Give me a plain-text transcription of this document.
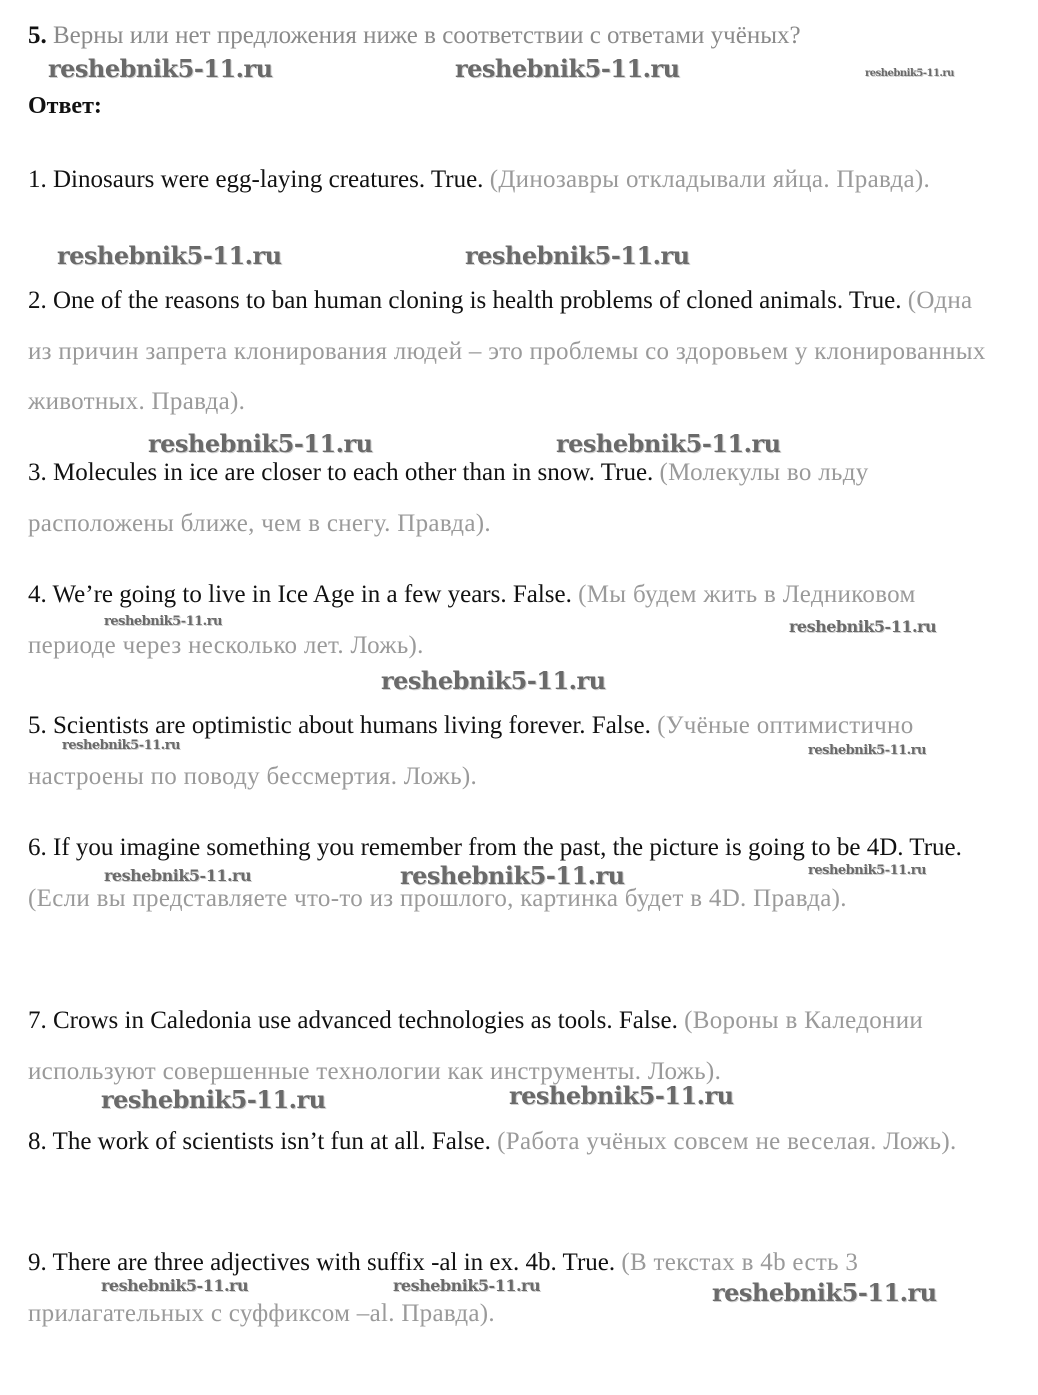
5. Верны или нет предложения ниже в соответствии с ответами учёных?
Ответ:

1. Dinosaurs were egg-laying creatures. True. (Динозавры откладывали яйца. Правда).

2. One of the reasons to ban human cloning is health problems of cloned animals. True. (Одна из причин запрета клонирования людей – это проблемы со здоровьем у клонированных животных. Правда).

3. Molecules in ice are closer to each other than in snow. True. (Молекулы во льду расположены ближе, чем в снегу. Правда).

4. We’re going to live in Ice Age in a few years. False. (Мы будем жить в Ледниковом периоде через несколько лет. Ложь).

5. Scientists are optimistic about humans living forever. False. (Учёные оптимистично настроены по поводу бессмертия. Ложь).

6. If you imagine something you remember from the past, the picture is going to be 4D. True. (Если вы представляете что-то из прошлого, картинка будет в 4D. Правда).

7. Crows in Caledonia use advanced technologies as tools. False. (Вороны в Каледонии используют совершенные технологии как инструменты. Ложь).

8. The work of scientists isn’t fun at all. False. (Работа учёных совсем не веселая. Ложь).

9. There are three adjectives with suffix -al in ex. 4b. True. (В текстах в 4b есть 3 прилагательных с суффиксом –al. Правда).

reshebnik5-11.ru	reshebnik5-11.ru	reshebnik5-11.ru
reshebnik5-11.ru	reshebnik5-11.ru
reshebnik5-11.ru	reshebnik5-11.ru
reshebnik5-11.ru	reshebnik5-11.ru
reshebnik5-11.ru
reshebnik5-11.ru	reshebnik5-11.ru
reshebnik5-11.ru	reshebnik5-11.ru	reshebnik5-11.ru
reshebnik5-11.ru	reshebnik5-11.ru
reshebnik5-11.ru	reshebnik5-11.ru	reshebnik5-11.ru
